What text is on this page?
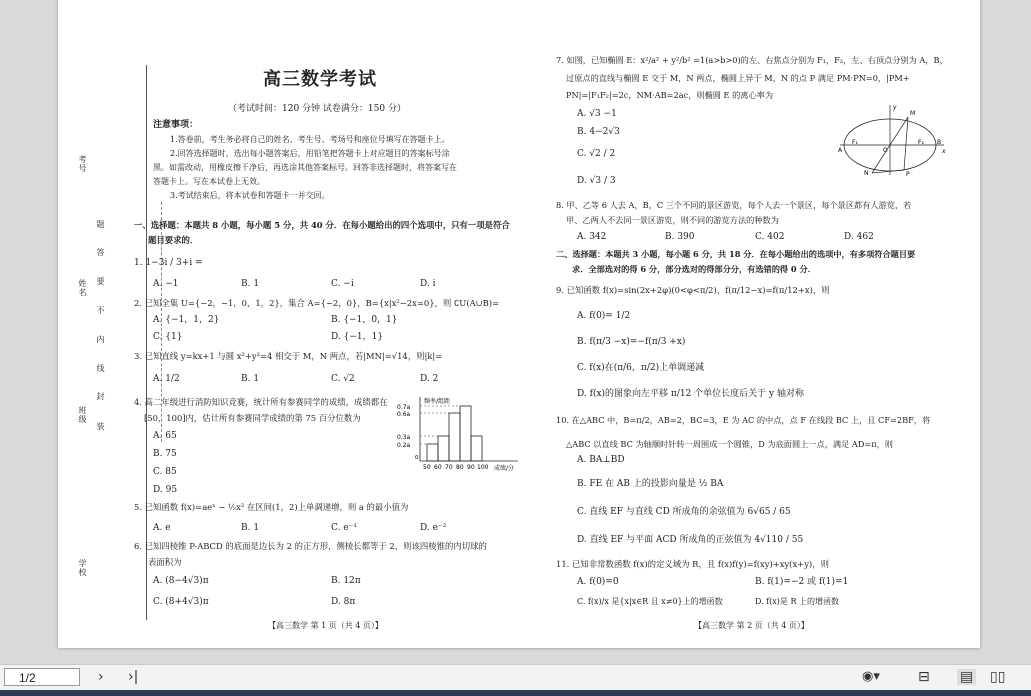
考号
姓名
班级
学校
装
封
线
内
不
要
答
题
高三数学考试
（考试时间：120 分钟 试卷满分：150 分）
注意事项：
1.答卷前，考生务必将自己的姓名、考生号、考场号和座位号填写在答题卡上。
2.回答选择题时，选出每小题答案后，用铅笔把答题卡上对应题目的答案标号涂
黑。如需改动，用橡皮擦干净后，再选涂其他答案标号。回答非选择题时，将答案写在
答题卡上。写在本试卷上无效。
3.考试结束后，将本试卷和答题卡一并交回。
一、选择题：本题共 8 小题，每小题 5 分，共 40 分．在每小题给出的四个选项中，只有一项是符合
题目要求的．
1. 1−3i / 3+i =
A. −1	B. 1	C. −i	D. i
2. 已知全集 U={−2，−1，0，1，2}，集合 A={−2，0}，B={x|x²−2x=0}，则 ∁U(A∪B)=
A. {−1，1，2}	B. {−1，0，1}
C. {1}	D. {−1，1}
3. 已知直线 y=kx+1 与圆 x²+y²=4 相交于 M，N 两点，若|MN|=√14，则|k|=
A. 1/2	B. 1	C. √2	D. 2
4. 高二年级进行消防知识竞赛，统计所有参赛同学的成绩，成绩都在
[50，100]内，估计所有参赛同学成绩的第 75 百分位数为
A. 65
B. 75
C. 85
D. 95
频率/组距
成绩/分
0.7a
0.6a
0.3a
0.2a
0
50 60 70 80 90 100
5. 已知函数 f(x)=aeˣ − ½x² 在区间(1，2)上单调递增，则 a 的最小值为
A. e	B. 1	C. e⁻¹	D. e⁻²
6. 已知四棱锥 P-ABCD 的底面是边长为 2 的正方形，侧棱长都等于 2，则该四棱锥的内切球的
表面积为
A. (8−4√3)π	B. 12π
C. (8+4√3)π	D. 8π
【高三数学 第 1 页（共 4 页）】
7. 如图，已知椭圆 E：x²/a² + y²/b² =1(a>b>0)的左、右焦点分别为 F₁，F₂，左、右顶点分别为 A，B，
过原点的直线与椭圆 E 交于 M，N 两点，椭圆上异于 M，N 的点 P 满足 PM·PN=0，|PM+
PN|=|F₁F₂|=2c，NM·AB=2ac，则椭圆 E 的离心率为
A. √3 −1
B. 4−2√3
C. √2 / 2
D. √3 / 3
y
M
A
F₁
O
F₂ B
x
N	P
8. 甲、乙等 6 人去 A，B，C 三个不同的景区游览，每个人去一个景区，每个景区都有人游览，若
甲、乙两人不去同一景区游览，则不同的游览方法的种数为
A. 342	B. 390	C. 402	D. 462
二、选择题：本题共 3 小题，每小题 6 分，共 18 分．在每小题给出的选项中，有多项符合题目要
求．全部选对的得 6 分，部分选对的得部分分，有选错的得 0 分．
9. 已知函数 f(x)=sin(2x+2φ)(0<φ<π/2)，f(π/12−x)=f(π/12+x)，则
A. f(0)= 1/2
B. f(π/3 −x)=−f(π/3 +x)
C. f(x)在(π/6，π/2)上单调递减
D. f(x)的图象向左平移 π/12 个单位长度后关于 y 轴对称
10. 在△ABC 中，B=π/2，AB=2，BC=3，E 为 AC 的中点，点 F 在线段 BC 上，且 CF=2BF，将
△ABC 以直线 BC 为轴顺时针转一周围成一个圆锥，D 为底面圆上一点，满足 AD=π，则
A. BA⊥BD
B. FE 在 AB 上的投影向量是 ½ BA
C. 直线 EF 与直线 CD 所成角的余弦值为 6√65 / 65
D. 直线 EF 与平面 ACD 所成角的正弦值为 4√110 / 55
11. 已知非常数函数 f(x)的定义域为 R，且 f(x)f(y)=f(xy)+xy(x+y)，则
A. f(0)=0	B. f(1)=−2 或 f(1)=1
C. f(x)/x 是{x|x∈R 且 x≠0}上的增函数	D. f(x)是 R 上的增函数
【高三数学 第 2 页（共 4 页）】
1/2	› ›|	◉▾	⊟ ▤ ▯▯
